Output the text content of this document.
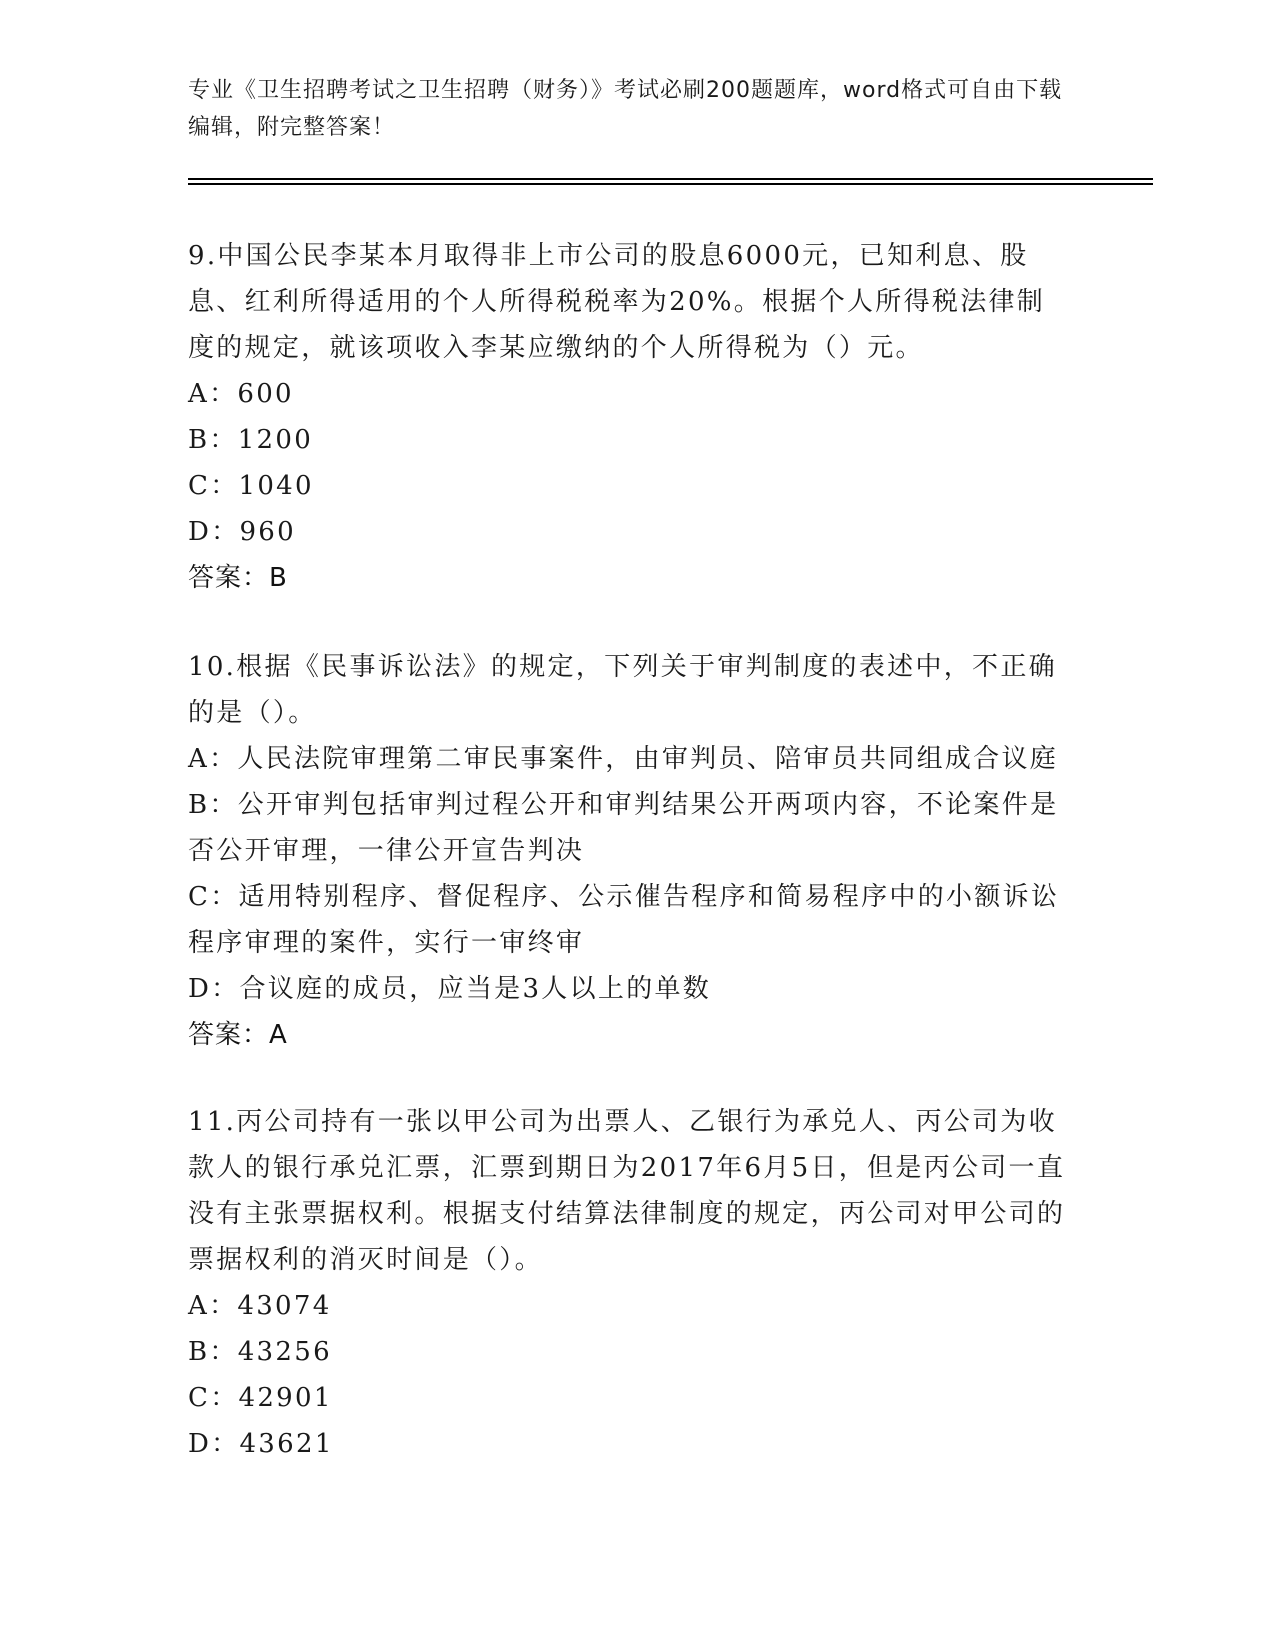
专业《卫生招聘考试之卫生招聘（财务）》考试必刷200题题库，word格式可自由下载编辑，附完整答案！

9.中国公民李某本月取得非上市公司的股息6000元，已知利息、股息、红利所得适用的个人所得税税率为20%。根据个人所得税法律制度的规定，就该项收入李某应缴纳的个人所得税为（）元。

A：600

B：1200

C：1040

D：960

答案：B

10.根据《民事诉讼法》的规定，下列关于审判制度的表述中，不正确的是（）。

A：人民法院审理第二审民事案件，由审判员、陪审员共同组成合议庭

B：公开审判包括审判过程公开和审判结果公开两项内容，不论案件是否公开审理，一律公开宣告判决

C：适用特别程序、督促程序、公示催告程序和简易程序中的小额诉讼程序审理的案件，实行一审终审

D：合议庭的成员，应当是3人以上的单数

答案：A

11.丙公司持有一张以甲公司为出票人、乙银行为承兑人、丙公司为收款人的银行承兑汇票，汇票到期日为2017年6月5日，但是丙公司一直没有主张票据权利。根据支付结算法律制度的规定，丙公司对甲公司的票据权利的消灭时间是（）。

A：43074

B：43256

C：42901

D：43621
